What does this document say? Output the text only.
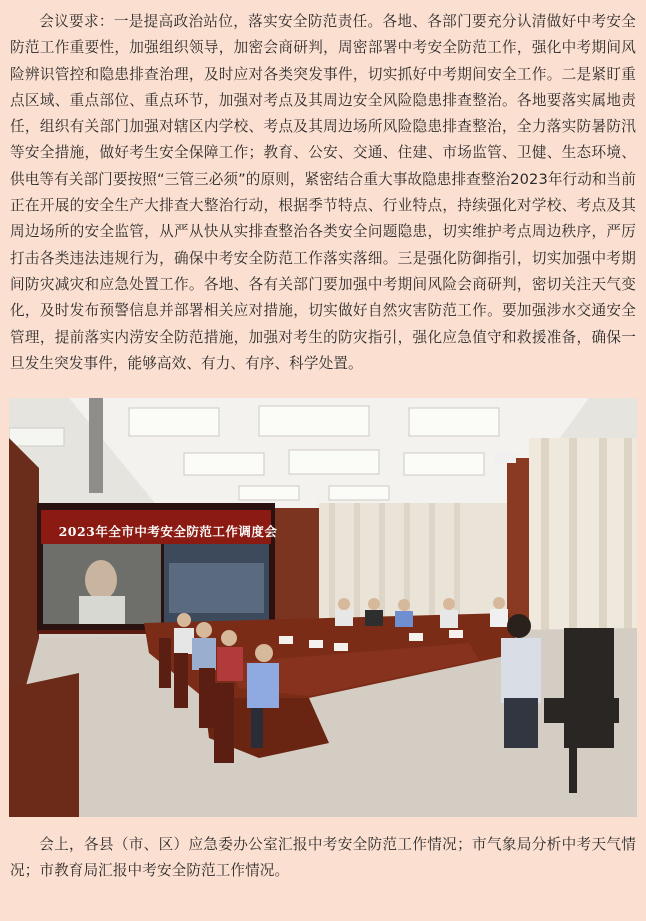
会议要求：一是提高政治站位，落实安全防范责任。各地、各部门要充分认清做好中考安全防范工作重要性，加强组织领导，加密会商研判，周密部署中考安全防范工作，强化中考期间风险辨识管控和隐患排查治理，及时应对各类突发事件，切实抓好中考期间安全工作。二是紧盯重点区域、重点部位、重点环节，加强对考点及其周边安全风险隐患排查整治。各地要落实属地责任，组织有关部门加强对辖区内学校、考点及其周边场所风险隐患排查整治，全力落实防暑防汛等安全措施，做好考生安全保障工作；教育、公安、交通、住建、市场监管、卫健、生态环境、供电等有关部门要按照“三管三必须”的原则，紧密结合重大事故隐患排查整治2023年行动和当前正在开展的安全生产大排查大整治行动，根据季节特点、行业特点，持续强化对学校、考点及其周边场所的安全监管，从严从快从实排查整治各类安全问题隐患，切实维护考点周边秩序，严厉打击各类违法违规行为，确保中考安全防范工作落实落细。三是强化防御指引，切实加强中考期间防灾减灾和应急处置工作。各地、各有关部门要加强中考期间风险会商研判，密切关注天气变化，及时发布预警信息并部署相关应对措施，切实做好自然灾害防范工作。要加强涉水交通安全管理，提前落实内涝安全防范措施，加强对考生的防灾指引，强化应急值守和救援准备，确保一旦发生突发事件，能够高效、有力、有序、科学处置。

2023年全市中考安全防范工作调度会

会上，各县（市、区）应急委办公室汇报中考安全防范工作情况；市气象局分析中考天气情况；市教育局汇报中考安全防范工作情况。
